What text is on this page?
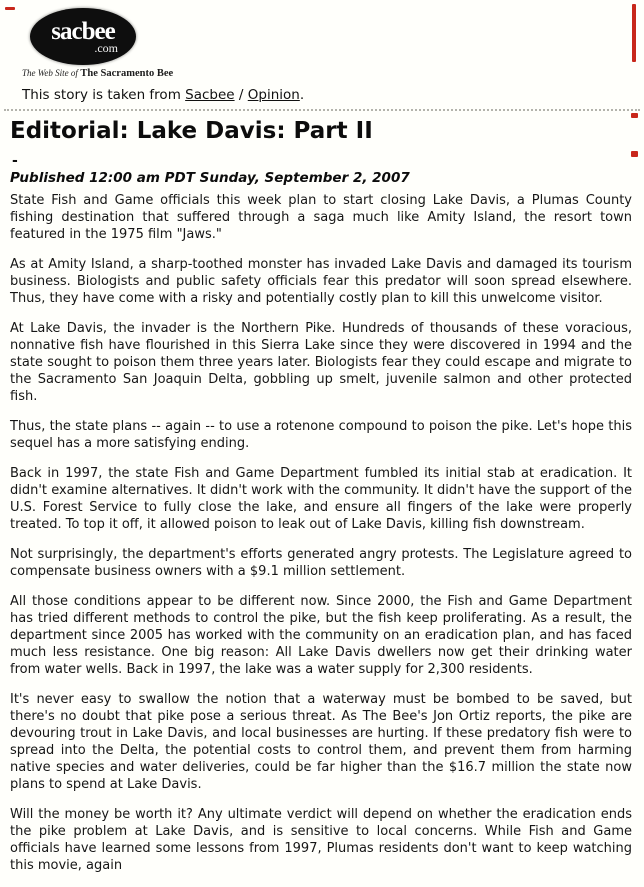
sacbee
.com
The Web Site of The Sacramento Bee
This story is taken from Sacbee / Opinion.
Editorial: Lake Davis: Part II
-
Published 12:00 am PDT Sunday, September 2, 2007

State Fish and Game officials this week plan to start closing Lake Davis, a Plumas County fishing destination that suffered through a saga much like Amity Island, the resort town featured in the 1975 film "Jaws."

As at Amity Island, a sharp-toothed monster has invaded Lake Davis and damaged its tourism business. Biologists and public safety officials fear this predator will soon spread elsewhere. Thus, they have come with a risky and potentially costly plan to kill this unwelcome visitor.

At Lake Davis, the invader is the Northern Pike. Hundreds of thousands of these voracious, nonnative fish have flourished in this Sierra Lake since they were discovered in 1994 and the state sought to poison them three years later. Biologists fear they could escape and migrate to the Sacramento San Joaquin Delta, gobbling up smelt, juvenile salmon and other protected fish.

Thus, the state plans -- again -- to use a rotenone compound to poison the pike. Let's hope this sequel has a more satisfying ending.

Back in 1997, the state Fish and Game Department fumbled its initial stab at eradication. It didn't examine alternatives. It didn't work with the community. It didn't have the support of the U.S. Forest Service to fully close the lake, and ensure all fingers of the lake were properly treated. To top it off, it allowed poison to leak out of Lake Davis, killing fish downstream.

Not surprisingly, the department's efforts generated angry protests. The Legislature agreed to compensate business owners with a $9.1 million settlement.

All those conditions appear to be different now. Since 2000, the Fish and Game Department has tried different methods to control the pike, but the fish keep proliferating. As a result, the department since 2005 has worked with the community on an eradication plan, and has faced much less resistance. One big reason: All Lake Davis dwellers now get their drinking water from water wells. Back in 1997, the lake was a water supply for 2,300 residents.

It's never easy to swallow the notion that a waterway must be bombed to be saved, but there's no doubt that pike pose a serious threat. As The Bee's Jon Ortiz reports, the pike are devouring trout in Lake Davis, and local businesses are hurting. If these predatory fish were to spread into the Delta, the potential costs to control them, and prevent them from harming native species and water deliveries, could be far higher than the $16.7 million the state now plans to spend at Lake Davis.

Will the money be worth it? Any ultimate verdict will depend on whether the eradication ends the pike problem at Lake Davis, and is sensitive to local concerns. While Fish and Game officials have learned some lessons from 1997, Plumas residents don't want to keep watching this movie, again
